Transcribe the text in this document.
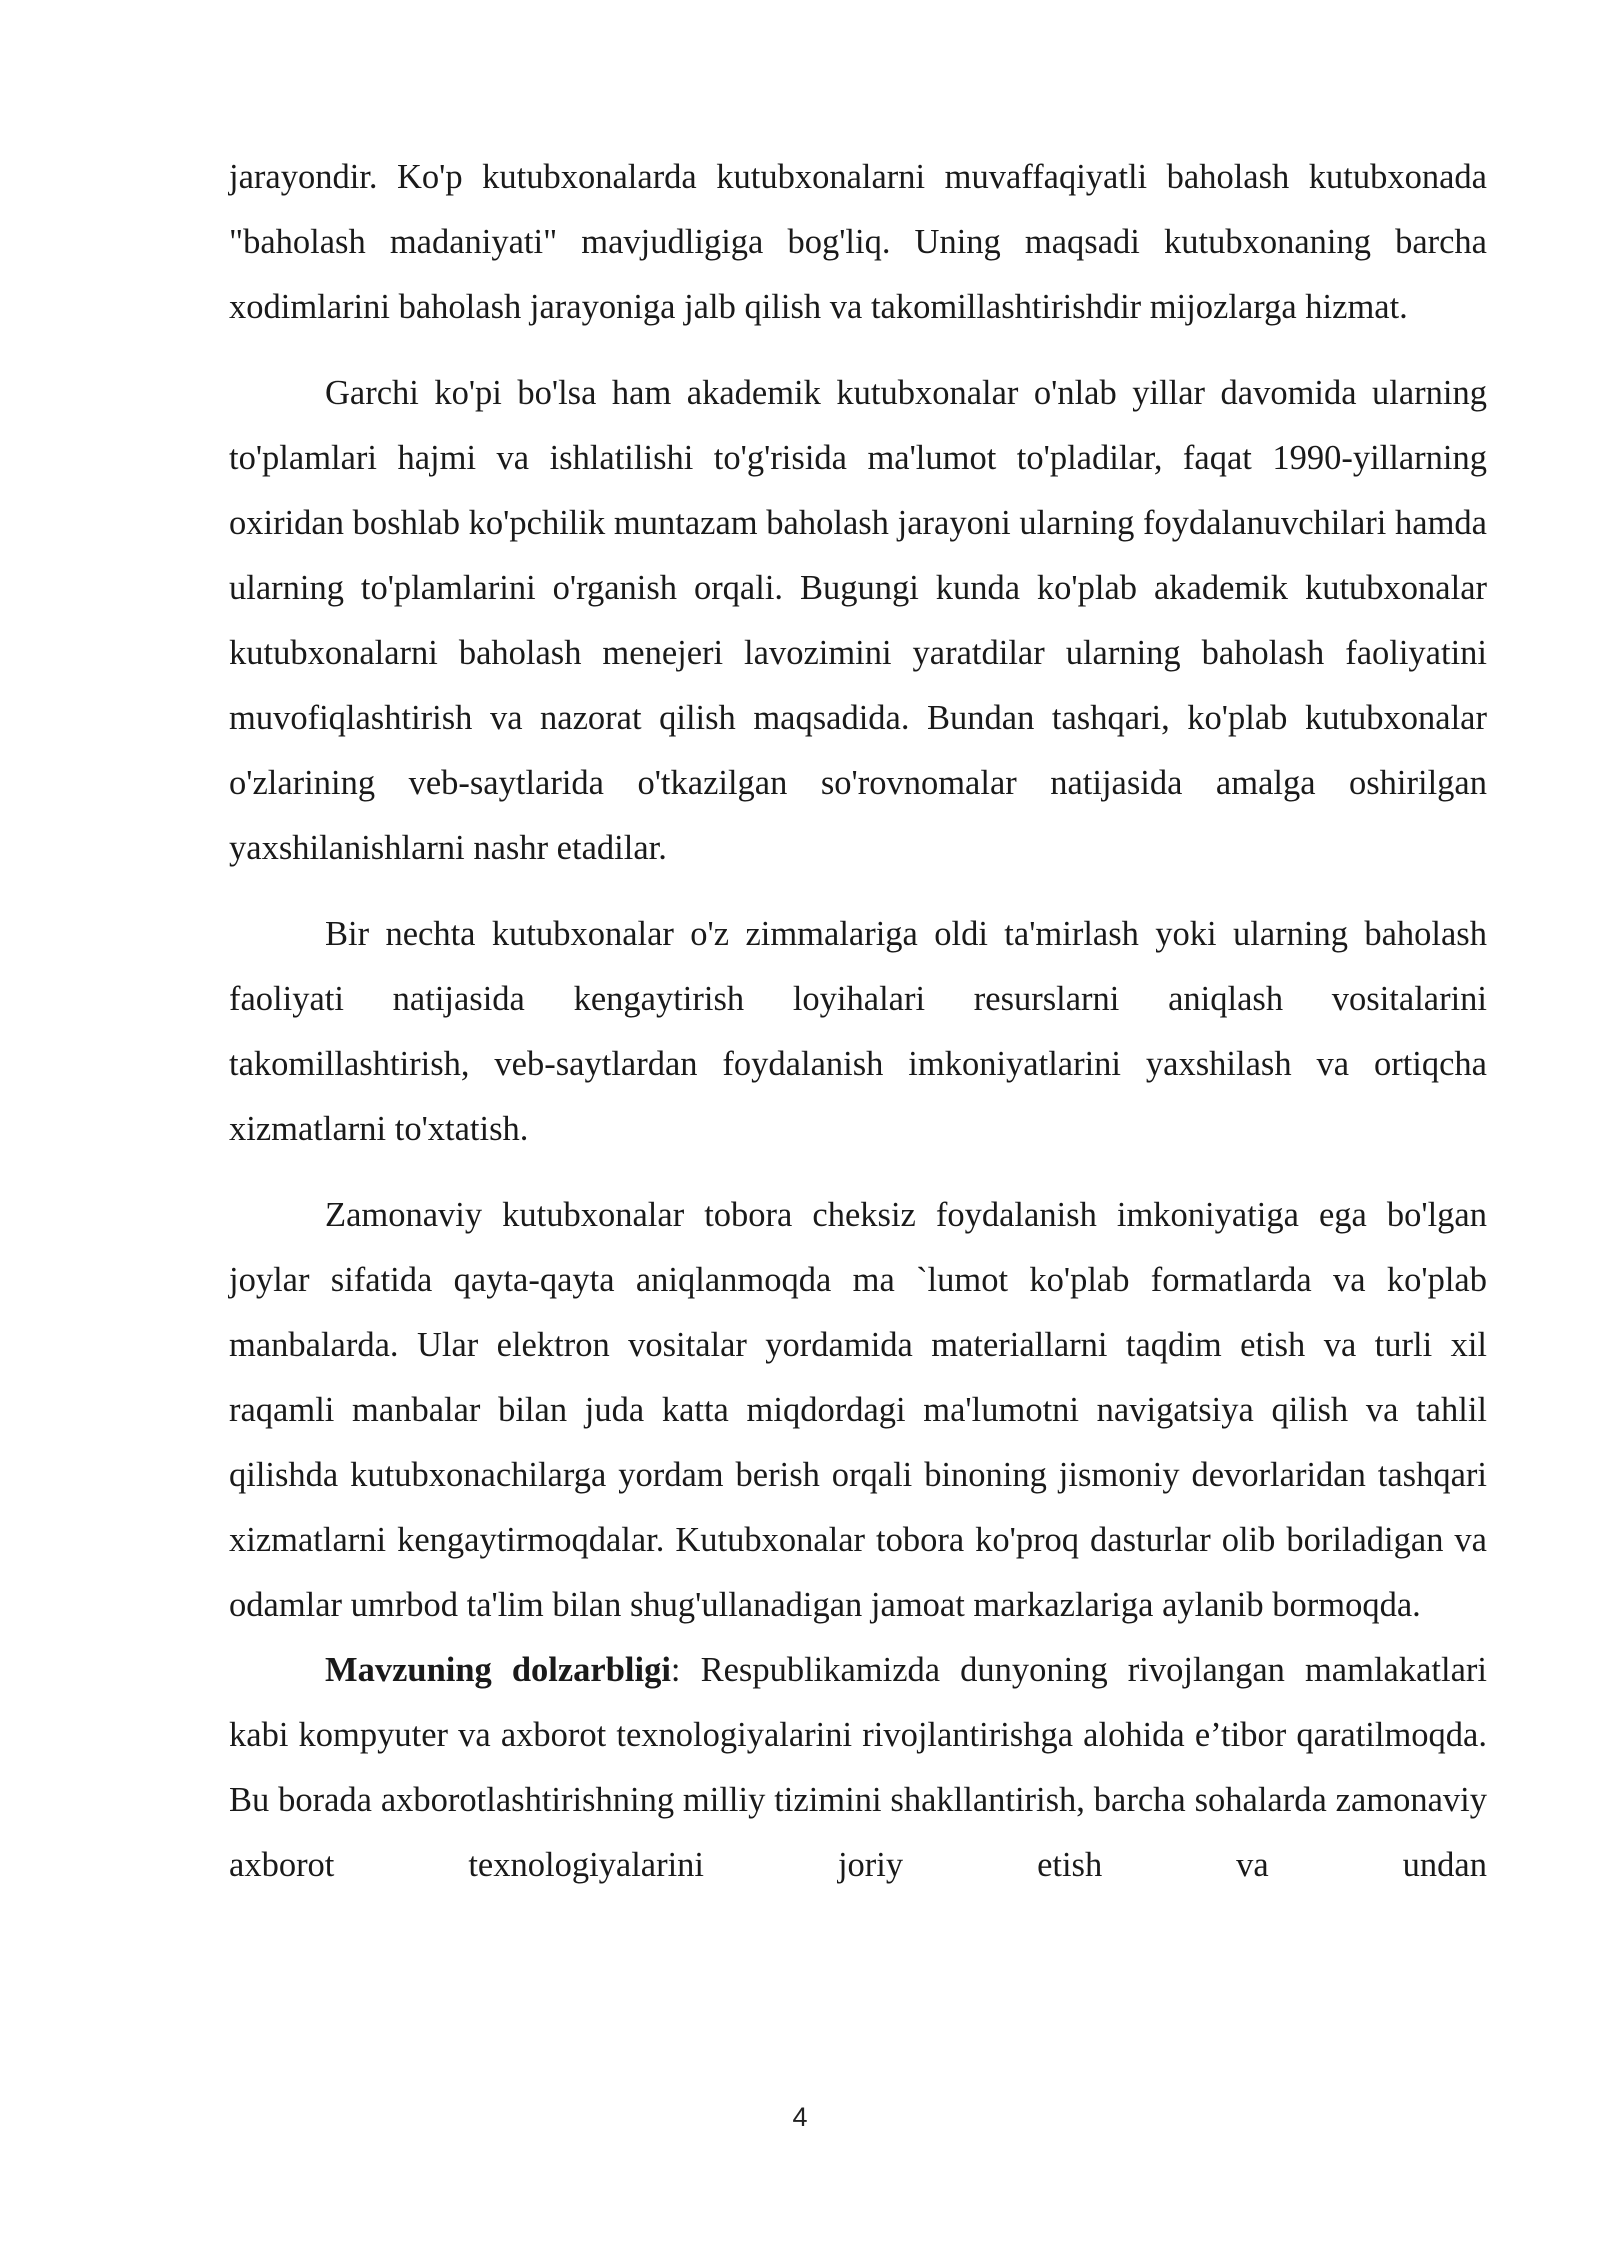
jarayondir. Ko'p kutubxonalarda kutubxonalarni muvaffaqiyatli baholash kutubxonada "baholash madaniyati" mavjudligiga bog'liq. Uning maqsadi kutubxonaning barcha xodimlarini baholash jarayoniga jalb qilish va takomillashtirishdir mijozlarga hizmat.

Garchi ko'pi bo'lsa ham akademik kutubxonalar o'nlab yillar davomida ularning to'plamlari hajmi va ishlatilishi to'g'risida ma'lumot to'pladilar, faqat 1990-yillarning oxiridan boshlab ko'pchilik muntazam baholash jarayoni ularning foydalanuvchilari hamda ularning to'plamlarini o'rganish orqali. Bugungi kunda ko'plab akademik kutubxonalar kutubxonalarni baholash menejeri lavozimini yaratdilar ularning baholash faoliyatini muvofiqlashtirish va nazorat qilish maqsadida. Bundan tashqari, ko'plab kutubxonalar o'zlarining veb-saytlarida o'tkazilgan so'rovnomalar natijasida amalga oshirilgan yaxshilanishlarni nashr etadilar.

Bir nechta kutubxonalar o'z zimmalariga oldi ta'mirlash yoki ularning baholash faoliyati natijasida kengaytirish loyihalari resurslarni aniqlash vositalarini takomillashtirish, veb-saytlardan foydalanish imkoniyatlarini yaxshilash va ortiqcha xizmatlarni to'xtatish.

Zamonaviy kutubxonalar tobora cheksiz foydalanish imkoniyatiga ega bo'lgan joylar sifatida qayta-qayta aniqlanmoqda ma `lumot ko'plab formatlarda va ko'plab manbalarda. Ular elektron vositalar yordamida materiallarni taqdim etish va turli xil raqamli manbalar bilan juda katta miqdordagi ma'lumotni navigatsiya qilish va tahlil qilishda kutubxonachilarga yordam berish orqali binoning jismoniy devorlaridan tashqari xizmatlarni kengaytirmoqdalar. Kutubxonalar tobora ko'proq dasturlar olib boriladigan va odamlar umrbod ta'lim bilan shug'ullanadigan jamoat markazlariga aylanib bormoqda.

Mavzuning dolzarbligi: Respublikamizda dunyoning rivojlangan mamlakatlari kabi kompyuter va axborot texnologiyalarini rivojlantirishga alohida e’tibor qaratilmoqda. Bu borada axborotlashtirishning milliy tizimini shakllantirish, barcha sohalarda zamonaviy axborot texnologiyalarini joriy etish va undan

4
